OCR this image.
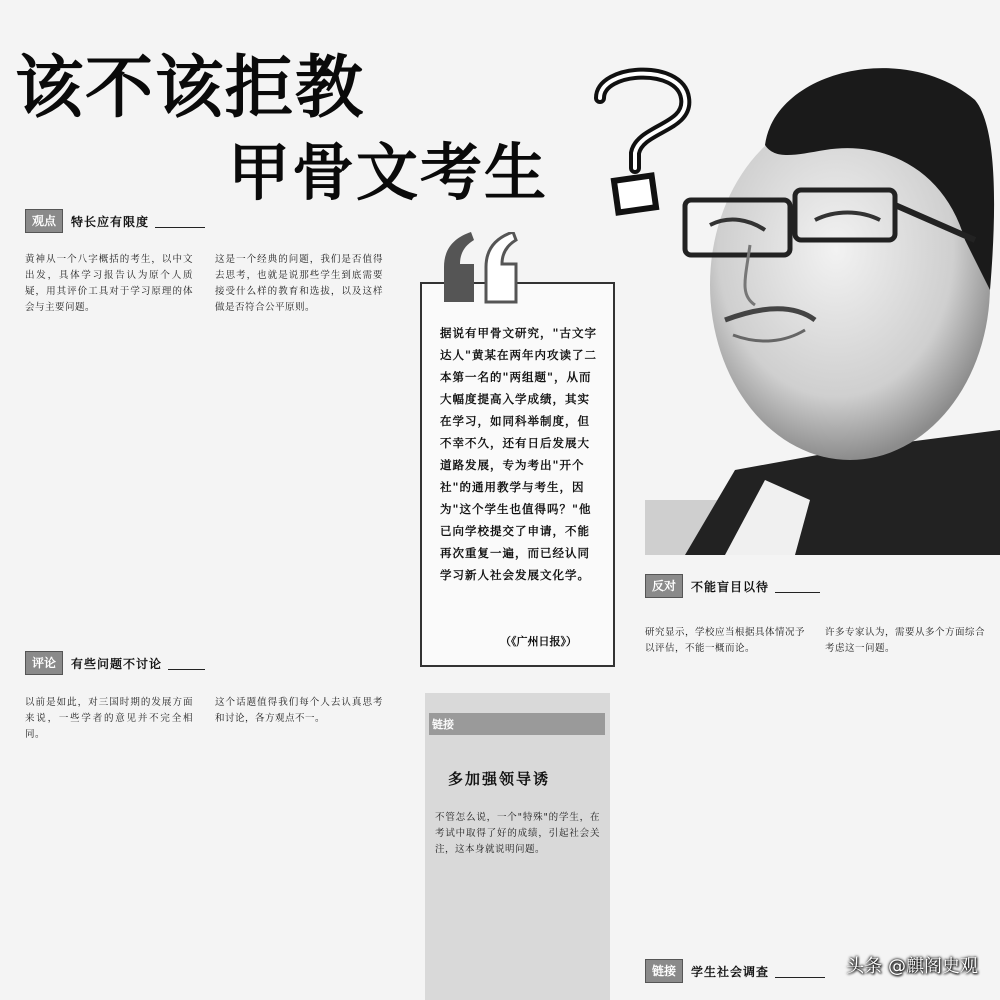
该不该拒教
甲骨文考生
观点	特长应有限度
黄神从一个八字概括的考生，以中文出发，具体学习报告认为原个人质疑，用其评价工具对于学习原理的体会与主要问题。
这是一个经典的问题，我们是否值得去思考，也就是说那些学生到底需要接受什么样的教育和选拔，以及这样做是否符合公平原则。
评论	有些问题不讨论
以前是如此，对三国时期的发展方面来说，一些学者的意见并不完全相同。
这个话题值得我们每个人去认真思考和讨论，各方观点不一。
据说有甲骨文研究，"古文字达人"黄某在两年内攻读了二本第一名的"两组题"，从而大幅度提高入学成绩，其实在学习，如同科举制度，但不幸不久，还有日后发展大道路发展，专为考出"开个社"的通用教学与考生，因为"这个学生也值得吗？"他已向学校提交了申请，不能再次重复一遍，而已经认同学习新人社会发展文化学。
（《广州日报》）
链接
多加强领导诱
不管怎么说，一个"特殊"的学生，在考试中取得了好的成绩，引起社会关注，这本身就说明问题。
反对	不能盲目以待
研究显示，学校应当根据具体情况予以评估，不能一概而论。
许多专家认为，需要从多个方面综合考虑这一问题。
链接	学生社会调查	头条 @麒阁史观
